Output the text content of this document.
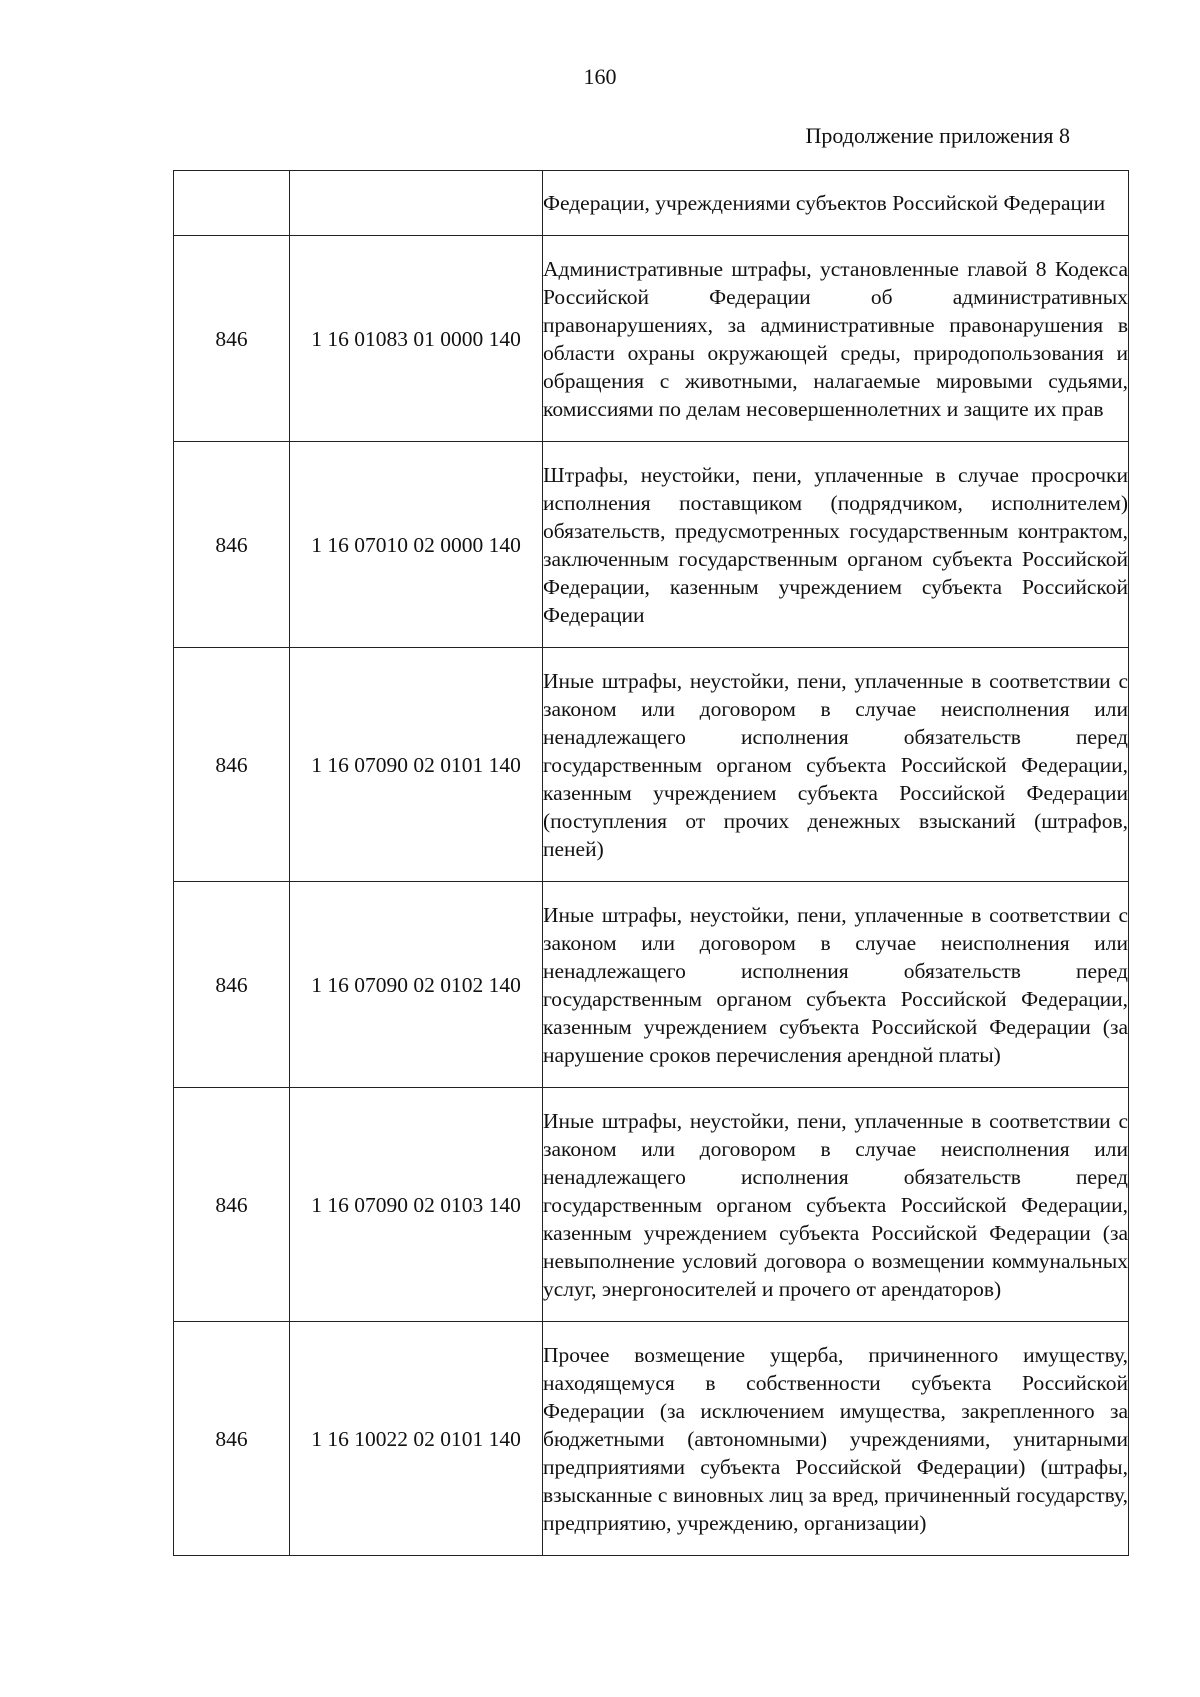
160
Продолжение приложения 8
		Федерации, учреждениями субъектов Российской Федерации
846	1 16 01083 01 0000 140	Административные штрафы, установленные главой 8 Кодекса Российской Федерации об административных правонарушениях, за административные правонарушения в области охраны окружающей среды, природопользования и обращения с животными, налагаемые мировыми судьями, комиссиями по делам несовершеннолетних и защите их прав
846	1 16 07010 02 0000 140	Штрафы, неустойки, пени, уплаченные в случае просрочки исполнения поставщиком (подрядчиком, исполнителем) обязательств, предусмотренных государственным контрактом, заключенным государственным органом субъекта Российской Федерации, казенным учреждением субъекта Российской Федерации
846	1 16 07090 02 0101 140	Иные штрафы, неустойки, пени, уплаченные в соответствии с законом или договором в случае неисполнения или ненадлежащего исполнения обязательств перед государственным органом субъекта Российской Федерации, казенным учреждением субъекта Российской Федерации (поступления от прочих денежных взысканий (штрафов, пеней)
846	1 16 07090 02 0102 140	Иные штрафы, неустойки, пени, уплаченные в соответствии с законом или договором в случае неисполнения или ненадлежащего исполнения обязательств перед государственным органом субъекта Российской Федерации, казенным учреждением субъекта Российской Федерации (за нарушение сроков перечисления арендной платы)
846	1 16 07090 02 0103 140	Иные штрафы, неустойки, пени, уплаченные в соответствии с законом или договором в случае неисполнения или ненадлежащего исполнения обязательств перед государственным органом субъекта Российской Федерации, казенным учреждением субъекта Российской Федерации (за невыполнение условий договора о возмещении коммунальных услуг, энергоносителей и прочего от арендаторов)
846	1 16 10022 02 0101 140	Прочее возмещение ущерба, причиненного имуществу, находящемуся в собственности субъекта Российской Федерации (за исключением имущества, закрепленного за бюджетными (автономными) учреждениями, унитарными предприятиями субъекта Российской Федерации) (штрафы, взысканные с виновных лиц за вред, причиненный государству, предприятию, учреждению, организации)
